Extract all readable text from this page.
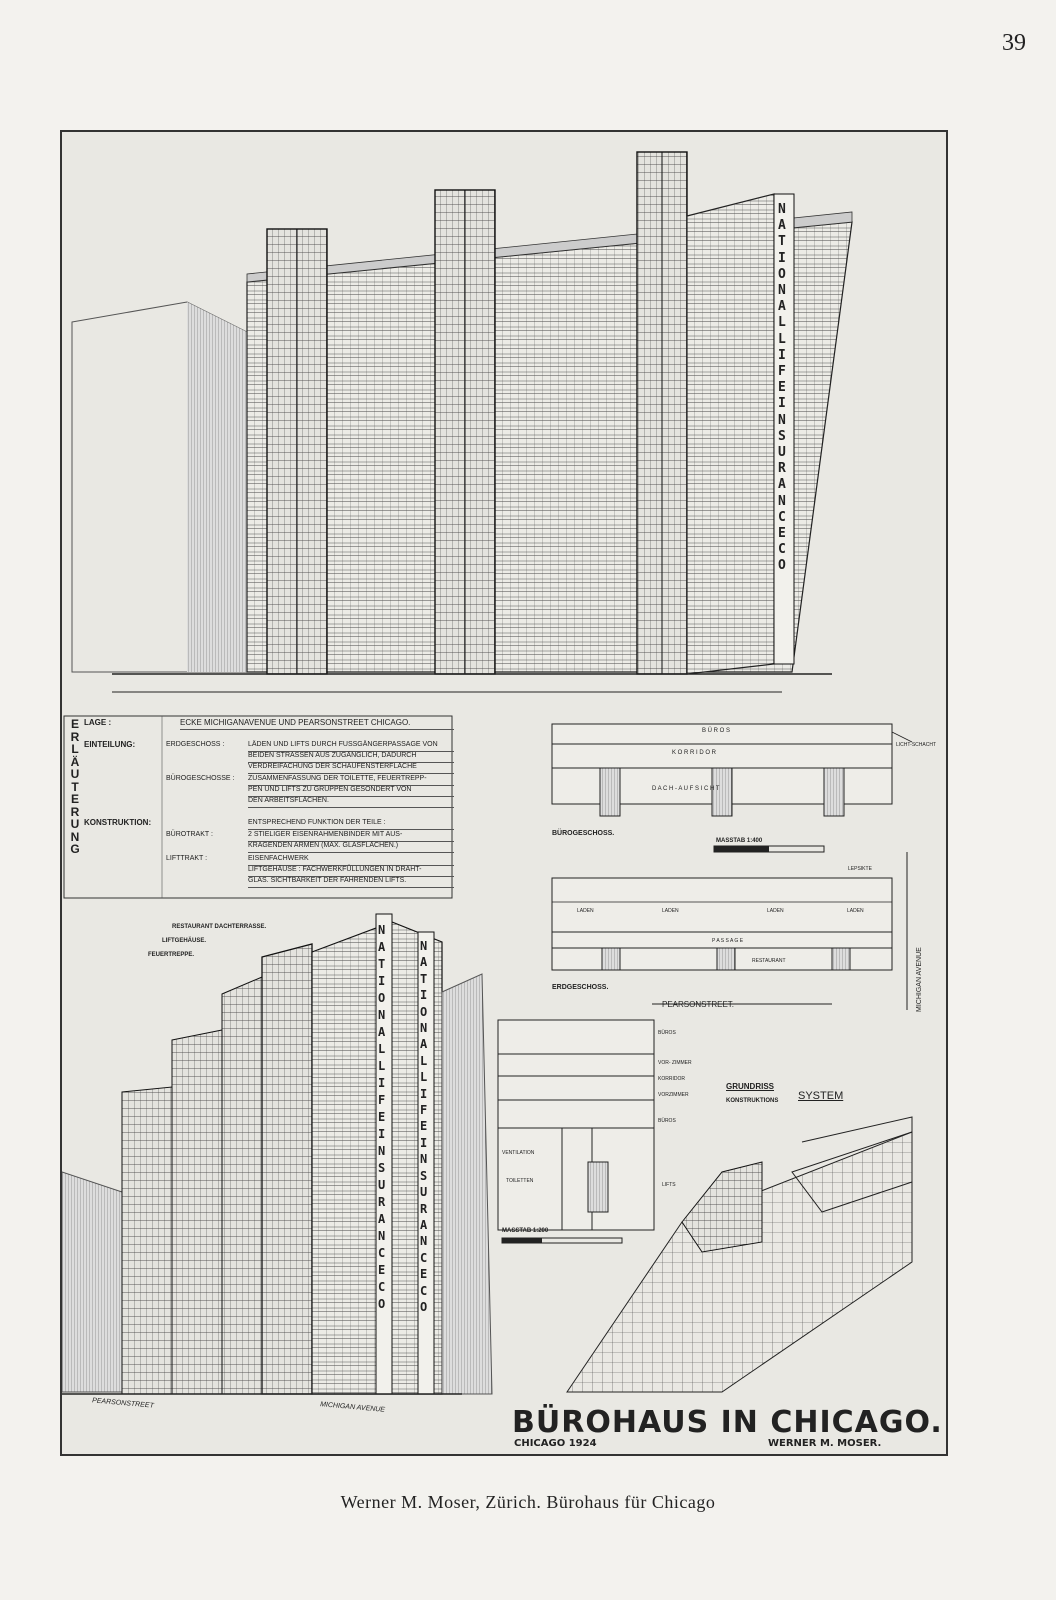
39
NATIONAL LIFE INSURANCE CO
NATIONAL LIFE INSURANCE CO
NATIONAL LIFE INSURANCE CO
ERLÄUTERUNG
LAGE :	ECKE MICHIGANAVENUE UND PEARSONSTREET CHICAGO.
EINTEILUNG:	ERDGESCHOSS :	LÄDEN UND LIFTS DURCH FUSSGÄNGERPASSAGE VON
BEIDEN STRASSEN AUS ZUGÄNGLICH, DADURCH
VERDREIFACHUNG DER SCHAUFENSTERFLÄCHE
BÜROGESCHOSSE : ZUSAMMENFASSUNG DER TOILETTE, FEUERTREPP-
PEN UND LIFTS ZU GRUPPEN GESONDERT VON
DEN ARBEITSFLÄCHEN.
KONSTRUKTION:	ENTSPRECHEND FUNKTION DER TEILE :
BÜROTRAKT :	2 STIELIGER EISENRAHMENBINDER MIT AUS-
KRAGENDEN ARMEN (MAX. GLASFLÄCHEN.)
LIFTTRAKT :	EISENFACHWERK
LIFTGEHÄUSE : FACHWERKFÜLLUNGEN IN DRAHT-
GLAS. SICHTBARKEIT DER FAHRENDEN LIFTS.
B Ü R O S
K O R R I D O R
D A C H - A U F S I C H T
LICHT-SCHACHT
BÜROGESCHOSS.
MASSTAB 1:400
LEPSIKTE
LADEN	LADEN	LADEN	LADEN
P A S S A G E
RESTAURANT
ERDGESCHOSS.
PEARSONSTREET.	MICHIGAN AVENUE
RESTAURANT DACHTERRASSE.
LIFTGEHÄUSE.
FEUERTREPPE.
BÜROS
VOR- ZIMMER
KORRIDOR
VORZIMMER
BÜROS
VENTILATION
TOILETTEN
LIFTS
MASSTAB 1:200
GRUNDRISS
SYSTEM
KONSTRUKTIONS
PEARSONSTREET	MICHIGAN AVENUE	BÜROHAUS IN CHICAGO.
CHICAGO 1924	WERNER M. MOSER.
Werner M. Moser, Zürich. Bürohaus für Chicago
